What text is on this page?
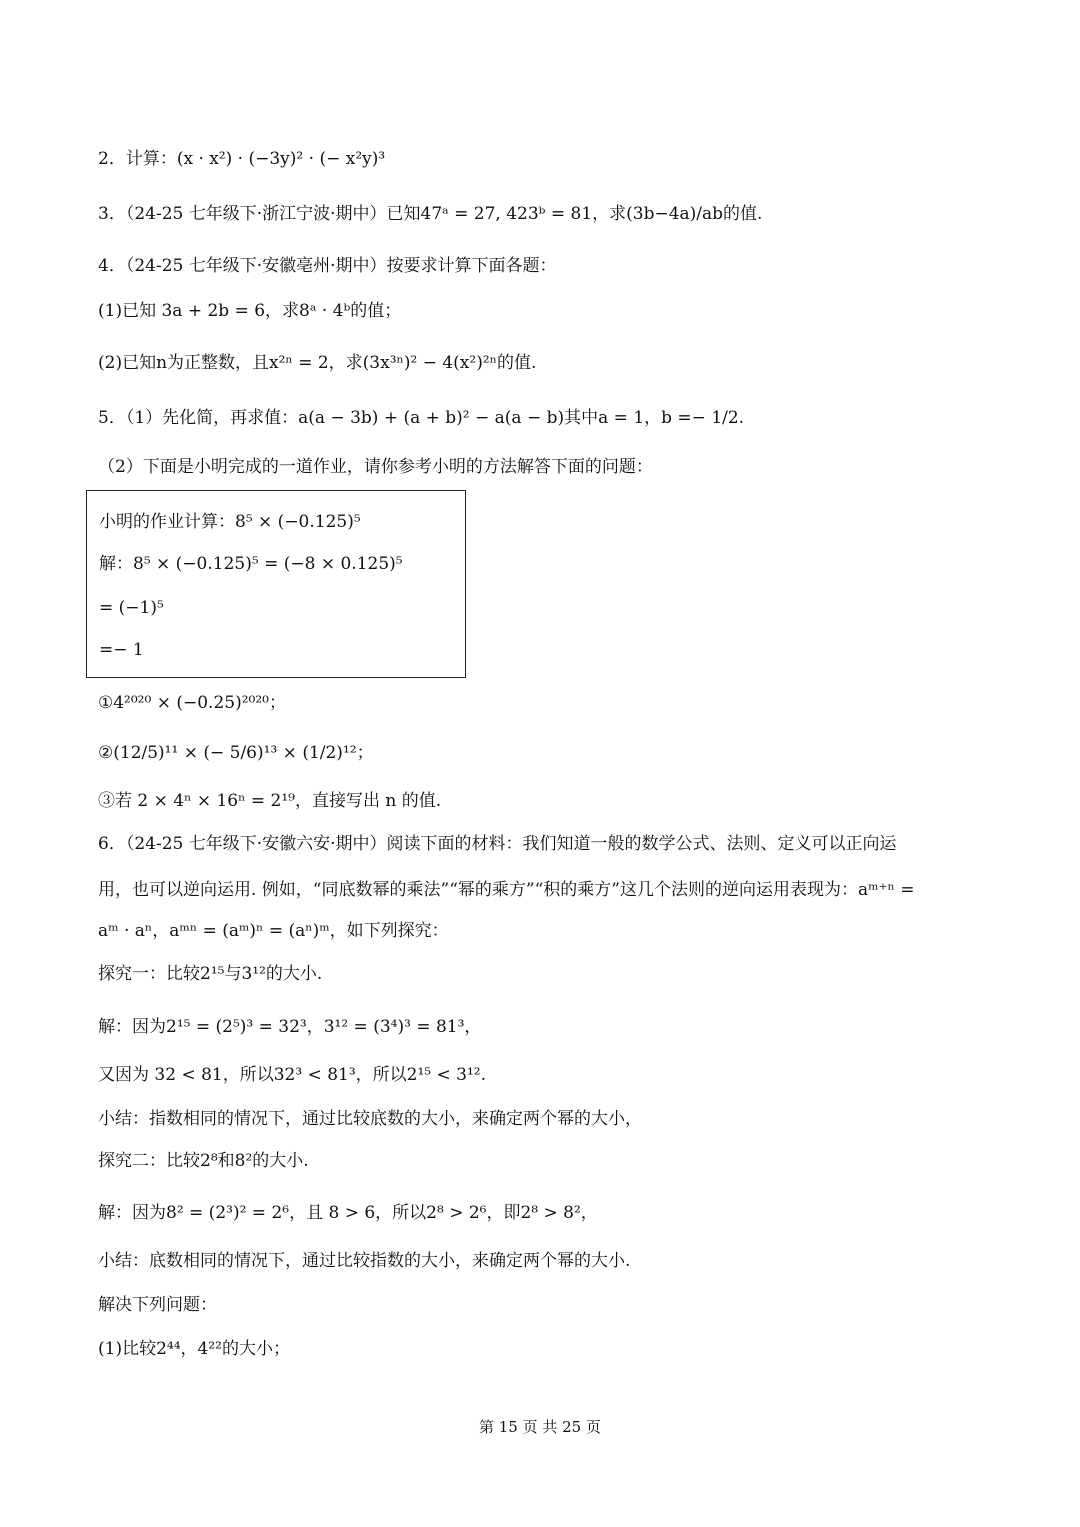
2．计算：(x · x²) · (−3y)² · (− x²y)³
3．（24-25 七年级下·浙江宁波·期中）已知47ᵃ = 27, 423ᵇ = 81，求(3b−4a)/ab的值.
4．（24-25 七年级下·安徽亳州·期中）按要求计算下面各题：
(1)已知 3a + 2b = 6，求8ᵃ · 4ᵇ的值；
(2)已知n为正整数，且x²ⁿ = 2，求(3x³ⁿ)² − 4(x²)²ⁿ的值.
5．（1）先化简，再求值：a(a − 3b) + (a + b)² − a(a − b)其中a = 1，b =− 1/2.
（2）下面是小明完成的一道作业，请你参考小明的方法解答下面的问题：
小明的作业计算：8⁵ × (−0.125)⁵
解：8⁵ × (−0.125)⁵ = (−8 × 0.125)⁵
= (−1)⁵
=− 1
①4²⁰²⁰ × (−0.25)²⁰²⁰；
②(12/5)¹¹ × (− 5/6)¹³ × (1/2)¹²；
③若 2 × 4ⁿ × 16ⁿ = 2¹⁹，直接写出 n 的值.
6．（24-25 七年级下·安徽六安·期中）阅读下面的材料：我们知道一般的数学公式、法则、定义可以正向运
用，也可以逆向运用. 例如，“同底数幂的乘法”“幂的乘方”“积的乘方”这几个法则的逆向运用表现为：aᵐ⁺ⁿ =
aᵐ · aⁿ，aᵐⁿ = (aᵐ)ⁿ = (aⁿ)ᵐ，如下列探究：
探究一：比较2¹⁵与3¹²的大小.
解：因为2¹⁵ = (2⁵)³ = 32³，3¹² = (3⁴)³ = 81³，
又因为 32 < 81，所以32³ < 81³，所以2¹⁵ < 3¹².
小结：指数相同的情况下，通过比较底数的大小，来确定两个幂的大小，
探究二：比较2⁸和8²的大小.
解：因为8² = (2³)² = 2⁶，且 8 > 6，所以2⁸ > 2⁶，即2⁸ > 8²，
小结：底数相同的情况下，通过比较指数的大小，来确定两个幂的大小.
解决下列问题：
(1)比较2⁴⁴，4²²的大小；
第 15 页 共 25 页
